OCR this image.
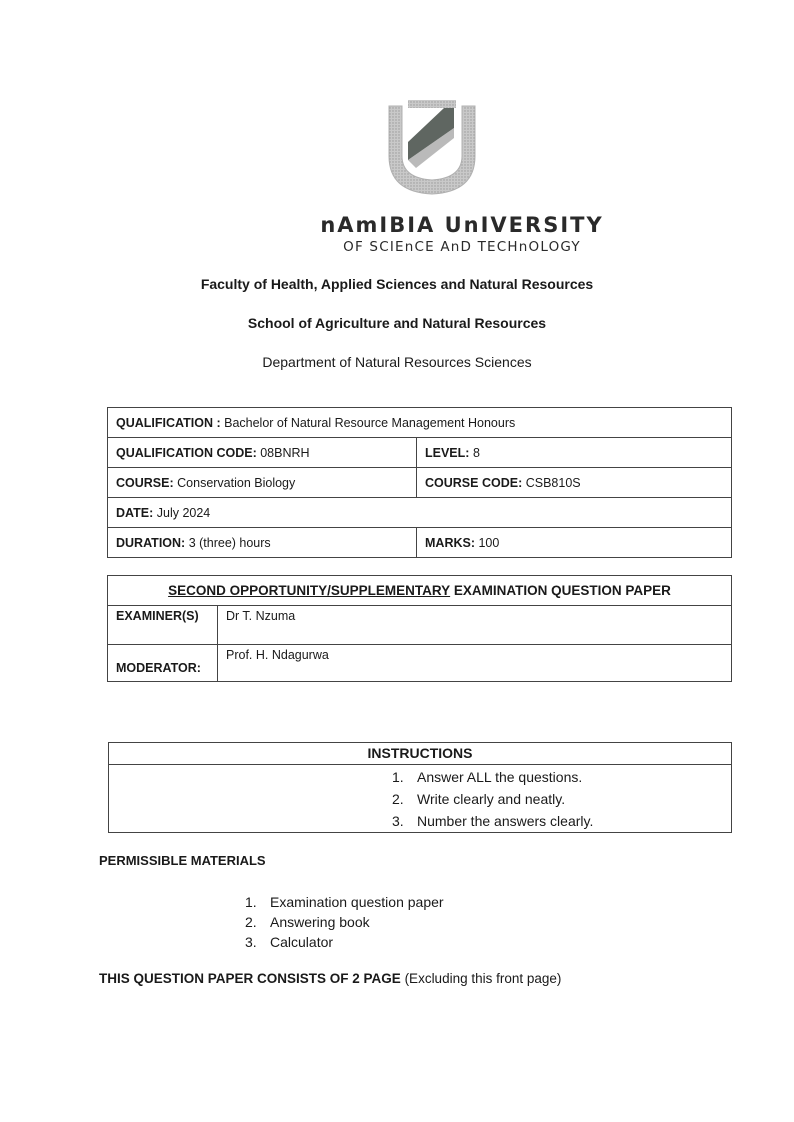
nAmIBIA UnIVERSITY
OF SCIEnCE AnD TECHnOLOGY
Faculty of Health, Applied Sciences and Natural Resources
School of Agriculture and Natural Resources
Department of Natural Resources Sciences
QUALIFICATION : Bachelor of Natural Resource Management Honours	
QUALIFICATION CODE: 08BNRH	LEVEL: 8
COURSE: Conservation Biology	COURSE CODE: CSB810S
DATE: July 2024	
DURATION: 3 (three) hours	MARKS: 100
SECOND OPPORTUNITY/SUPPLEMENTARY EXAMINATION QUESTION PAPER	
EXAMINER(S)	Dr T. Nzuma
MODERATOR:	Prof. H. Ndagurwa
INSTRUCTIONS
1. Answer ALL the questions.
2. Write clearly and neatly.
3. Number the answers clearly.
PERMISSIBLE MATERIALS
1. Examination question paper
2. Answering book
3. Calculator
THIS QUESTION PAPER CONSISTS OF 2 PAGE (Excluding this front page)
